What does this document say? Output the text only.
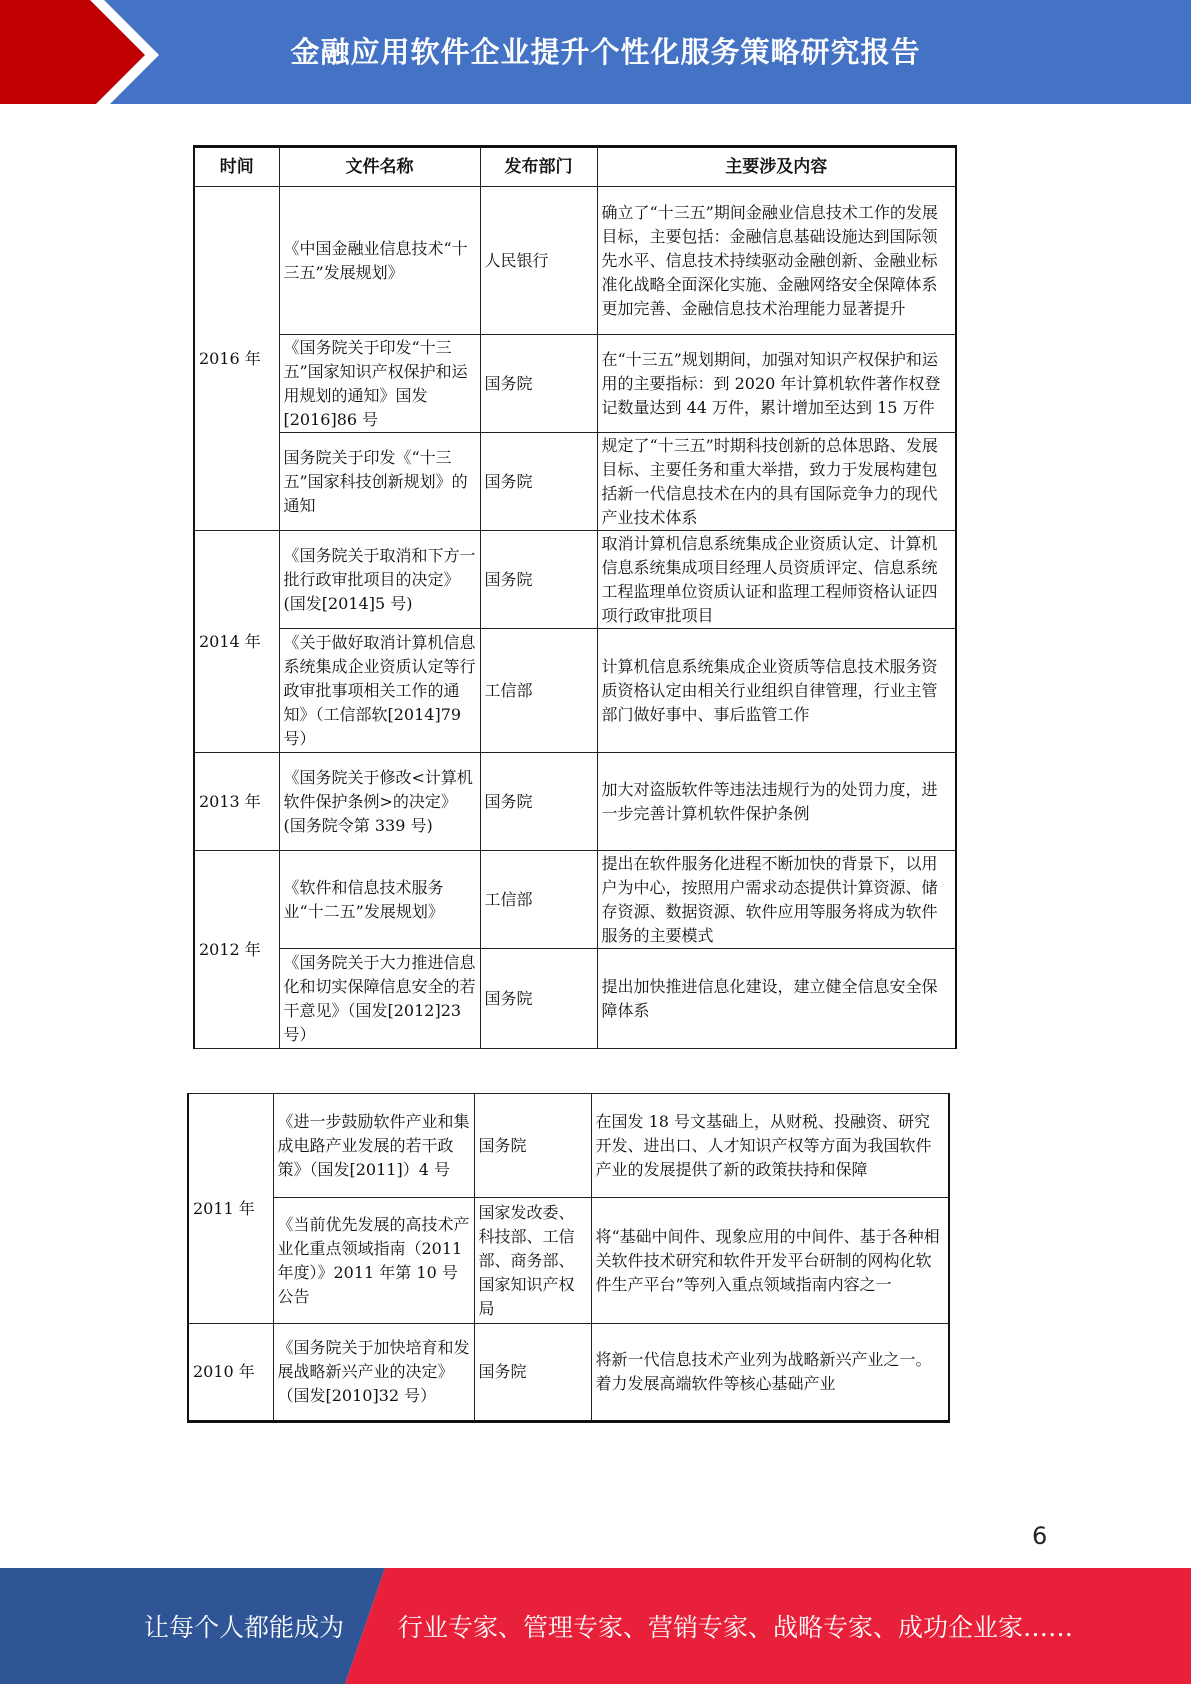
金融应用软件企业提升个性化服务策略研究报告
时间	文件名称	发布部门	主要涉及内容
2016 年	《中国金融业信息技术“十三五”发展规划》	人民银行	确立了“十三五”期间金融业信息技术工作的发展目标，主要包括：金融信息基础设施达到国际领先水平、信息技术持续驱动金融创新、金融业标准化战略全面深化实施、金融网络安全保障体系更加完善、金融信息技术治理能力显著提升
	《国务院关于印发“十三五”国家知识产权保护和运用规划的通知》国发[2016]86 号	国务院	在“十三五”规划期间，加强对知识产权保护和运用的主要指标：到 2020 年计算机软件著作权登记数量达到 44 万件，累计增加至达到 15 万件
	国务院关于印发《“十三五”国家科技创新规划》的通知	国务院	规定了“十三五”时期科技创新的总体思路、发展目标、主要任务和重大举措，致力于发展构建包括新一代信息技术在内的具有国际竞争力的现代产业技术体系
2014 年	《国务院关于取消和下方一批行政审批项目的决定》(国发[2014]5 号)	国务院	取消计算机信息系统集成企业资质认定、计算机信息系统集成项目经理人员资质评定、信息系统工程监理单位资质认证和监理工程师资格认证四项行政审批项目
	《关于做好取消计算机信息系统集成企业资质认定等行政审批事项相关工作的通知》（工信部软[2014]79 号）	工信部	计算机信息系统集成企业资质等信息技术服务资质资格认定由相关行业组织自律管理，行业主管部门做好事中、事后监管工作
2013 年	《国务院关于修改<计算机软件保护条例>的决定》(国务院令第 339 号)	国务院	加大对盗版软件等违法违规行为的处罚力度，进一步完善计算机软件保护条例
2012 年	《软件和信息技术服务业“十二五”发展规划》	工信部	提出在软件服务化进程不断加快的背景下，以用户为中心，按照用户需求动态提供计算资源、储存资源、数据资源、软件应用等服务将成为软件服务的主要模式
	《国务院关于大力推进信息化和切实保障信息安全的若干意见》（国发[2012]23 号）	国务院	提出加快推进信息化建设，建立健全信息安全保障体系
2011 年	《进一步鼓励软件产业和集成电路产业发展的若干政策》（国发[2011]）4 号	国务院	在国发 18 号文基础上，从财税、投融资、研究开发、进出口、人才知识产权等方面为我国软件产业的发展提供了新的政策扶持和保障
	《当前优先发展的高技术产业化重点领域指南（2011 年度）》2011 年第 10 号公告	国家发改委、科技部、工信部、商务部、国家知识产权局	将“基础中间件、现象应用的中间件、基于各种相关软件技术研究和软件开发平台研制的网构化软件生产平台”等列入重点领域指南内容之一
2010 年	《国务院关于加快培育和发展战略新兴产业的决定》（国发[2010]32 号）	国务院	将新一代信息技术产业列为战略新兴产业之一。着力发展高端软件等核心基础产业
6
让每个人都能成为 行业专家、管理专家、营销专家、战略专家、成功企业家……
